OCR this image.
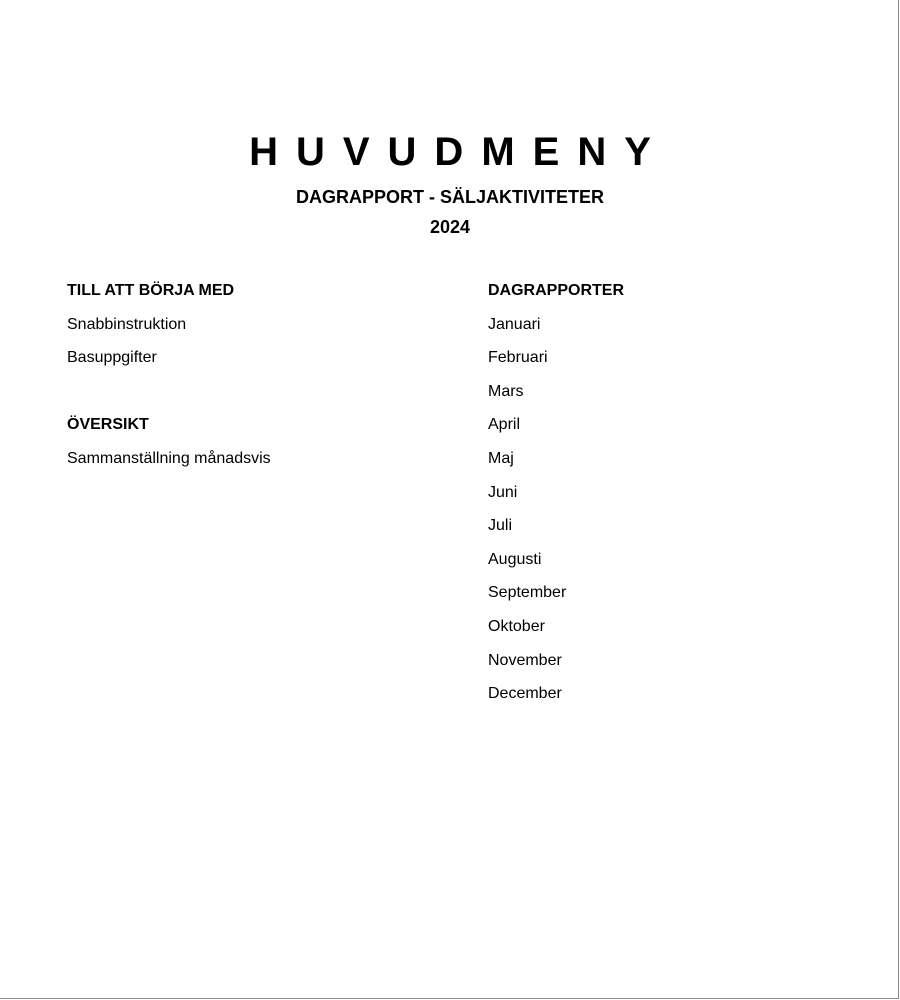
HUVUDMENY
DAGRAPPORT - SÄLJAKTIVITETER
2024
TILL ATT BÖRJA MED
Snabbinstruktion
Basuppgifter
ÖVERSIKT
Sammanställning månadsvis
DAGRAPPORTER
Januari
Februari
Mars
April
Maj
Juni
Juli
Augusti
September
Oktober
November
December
